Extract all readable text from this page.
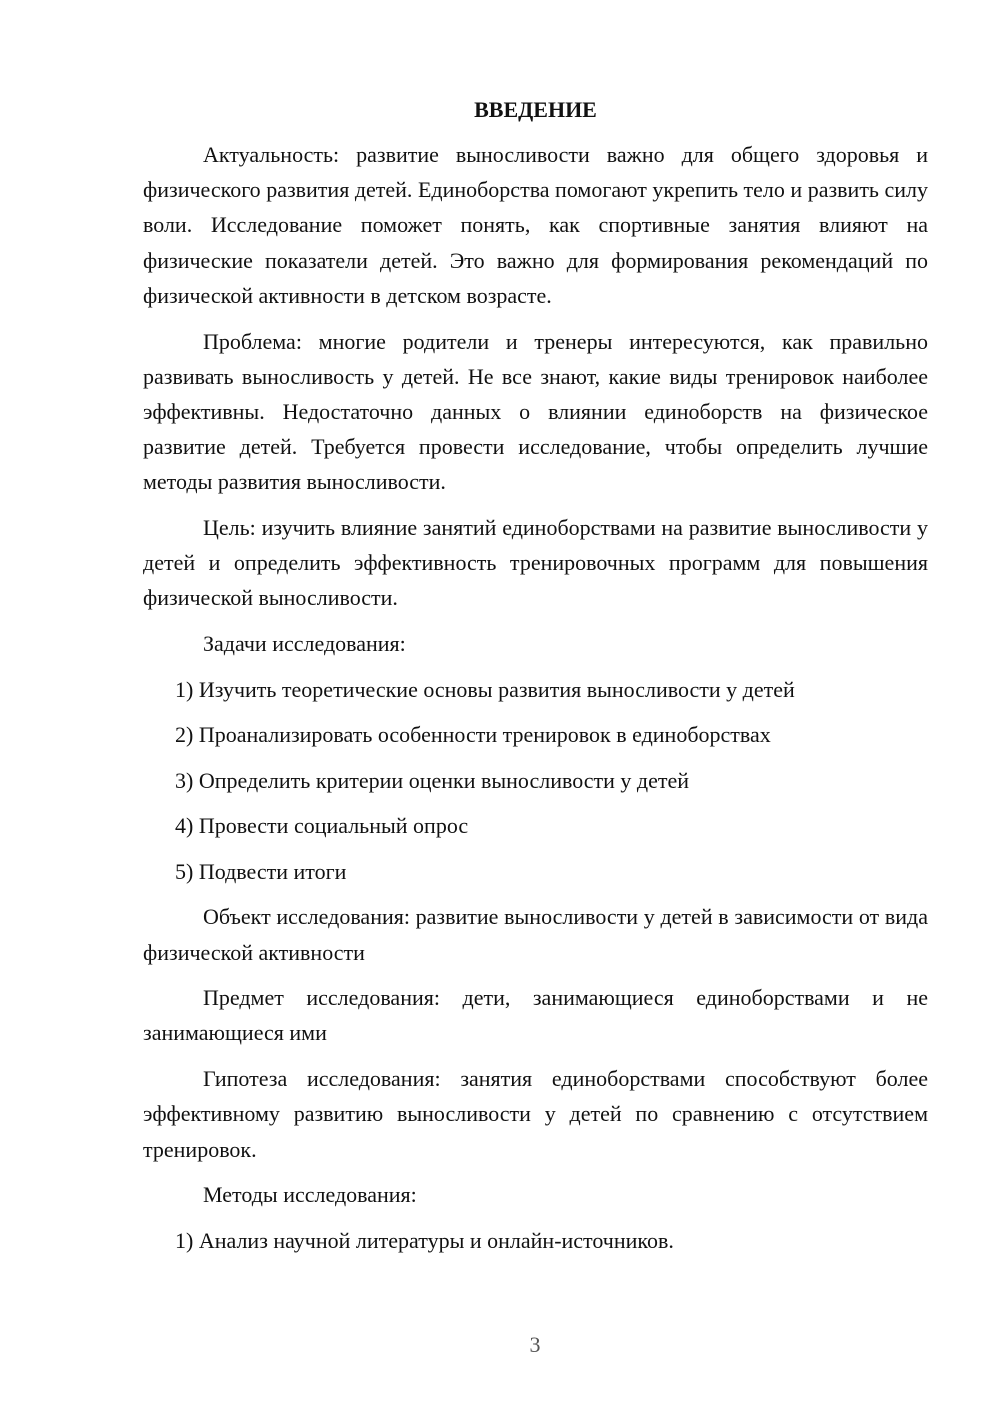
ВВЕДЕНИЕ

Актуальность: развитие выносливости важно для общего здоровья и физического развития детей. Единоборства помогают укрепить тело и развить силу воли. Исследование поможет понять, как спортивные занятия влияют на физические показатели детей. Это важно для формирования рекомендаций по физической активности в детском возрасте.

Проблема: многие родители и тренеры интересуются, как правильно развивать выносливость у детей. Не все знают, какие виды тренировок наиболее эффективны. Недостаточно данных о влиянии единоборств на физическое развитие детей. Требуется провести исследование, чтобы определить лучшие методы развития выносливости.

Цель: изучить влияние занятий единоборствами на развитие выносливости у детей и определить эффективность тренировочных программ для повышения физической выносливости.

Задачи исследования:

1) Изучить теоретические основы развития выносливости у детей
2) Проанализировать особенности тренировок в единоборствах
3) Определить критерии оценки выносливости у детей
4) Провести социальный опрос
5) Подвести итоги

Объект исследования: развитие выносливости у детей в зависимости от вида физической активности

Предмет исследования: дети, занимающиеся единоборствами и не занимающиеся ими

Гипотеза исследования: занятия единоборствами способствуют более эффективному развитию выносливости у детей по сравнению с отсутствием тренировок.

Методы исследования:

1) Анализ научной литературы и онлайн-источников.
3
